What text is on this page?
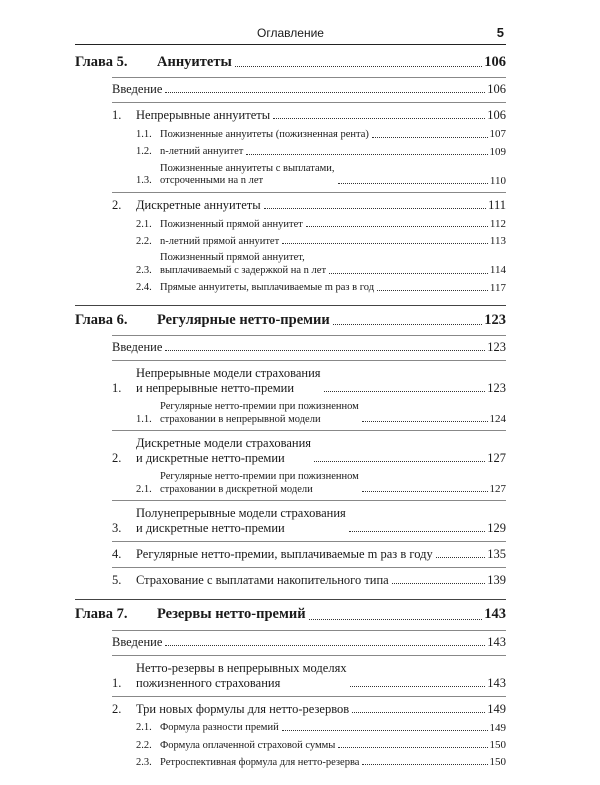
Оглавление	5
Глава 5.	Аннуитеты	106
Введение	106
1.	Непрерывные аннуитеты	106
1.1. Пожизненные аннуитеты (пожизненная рента)	107
1.2. n-летний аннуитет	109
1.3.
Пожизненные аннуитеты с выплатами,
отсроченными на n лет	110
2.	Дискретные аннуитеты	111
2.1. Пожизненный прямой аннуитет	112
2.2. n-летний прямой аннуитет	113
2.3.
Пожизненный прямой аннуитет,
выплачиваемый с задержкой на n лет	114
2.4. Прямые аннуитеты, выплачиваемые m раз в год	117
Глава 6.	Регулярные нетто-премии	123
Введение	123
1.
Непрерывные модели страхования
и непрерывные нетто-премии	123
1.1.
Регулярные нетто-премии при пожизненном
страховании в непрерывной модели	124
2.
Дискретные модели страхования
и дискретные нетто-премии	127
2.1.
Регулярные нетто-премии при пожизненном
страховании в дискретной модели	127
3.
Полунепрерывные модели страхования
и дискретные нетто-премии	129
4.	Регулярные нетто-премии, выплачиваемые m раз в году	135
5.	Страхование с выплатами накопительного типа	139
Глава 7.	Резервы нетто-премий	143
Введение	143
1.
Нетто-резервы в непрерывных моделях
пожизненного страхования	143
2.	Три новых формулы для нетто-резервов	149
2.1. Формула разности премий	149
2.2. Формула оплаченной страховой суммы	150
2.3. Ретроспективная формула для нетто-резерва	150
